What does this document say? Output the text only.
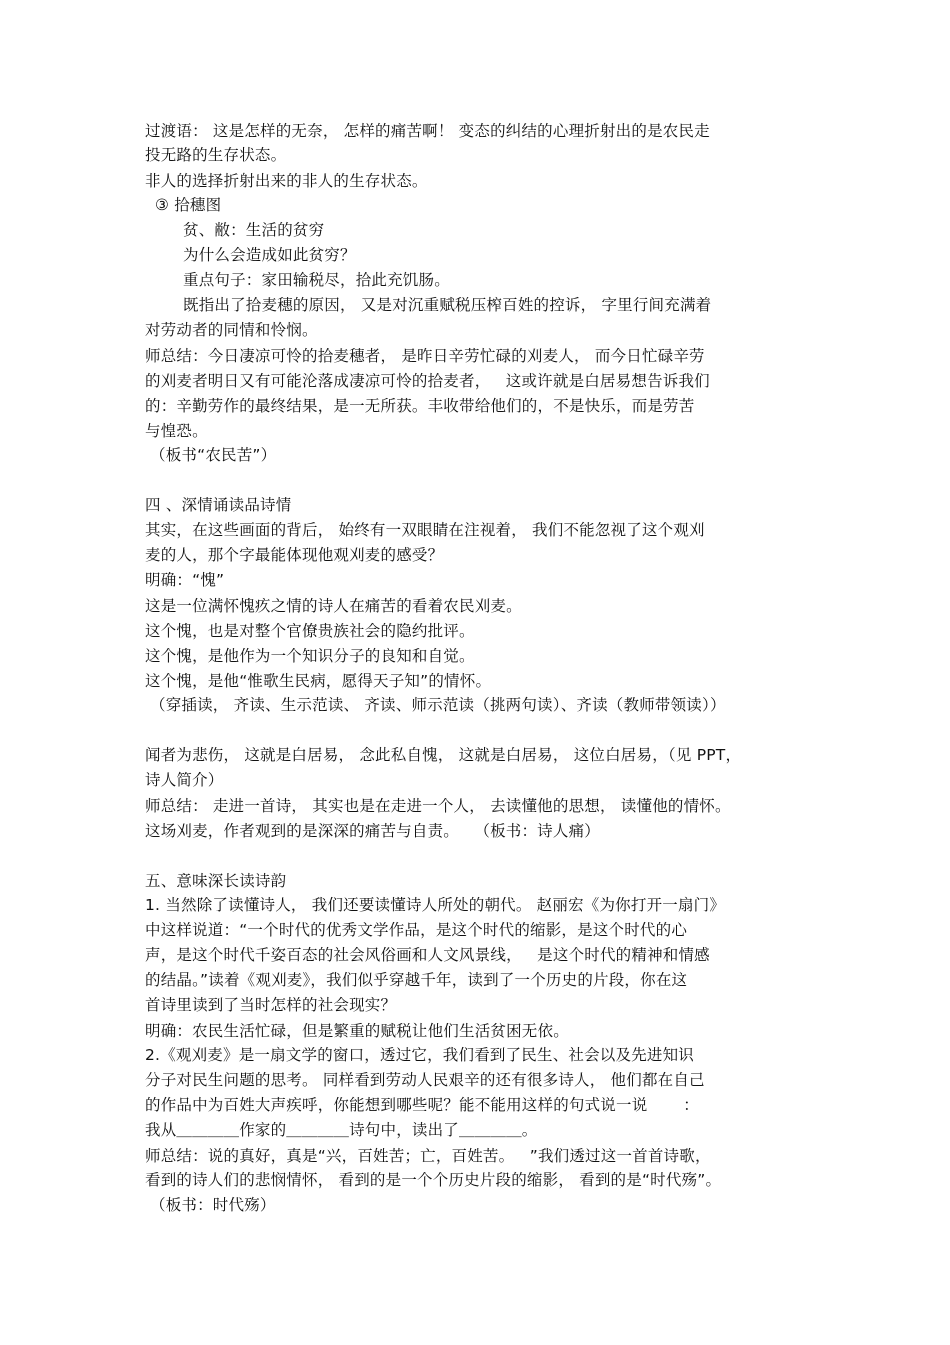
过渡语： 这是怎样的无奈， 怎样的痛苦啊！ 变态的纠结的心理折射出的是农民走
投无路的生存状态。
非人的选择折射出来的非人的生存状态。
③ 拾穗图
贫、敝：生活的贫穷
为什么会造成如此贫穷？
重点句子：家田输税尽，拾此充饥肠。
既指出了拾麦穗的原因， 又是对沉重赋税压榨百姓的控诉， 字里行间充满着
对劳动者的同情和怜悯。
师总结：今日凄凉可怜的拾麦穗者， 是昨日辛劳忙碌的刈麦人， 而今日忙碌辛劳
的刈麦者明日又有可能沦落成凄凉可怜的拾麦者，   这或许就是白居易想告诉我们
的：辛勤劳作的最终结果，是一无所获。丰收带给他们的，不是快乐，而是劳苦
与惶恐。
（板书“农民苦”）
四 、深情诵读品诗情
其实，在这些画面的背后， 始终有一双眼睛在注视着， 我们不能忽视了这个观刈
麦的人，那个字最能体现他观刈麦的感受？
明确：“愧”
这是一位满怀愧疚之情的诗人在痛苦的看着农民刈麦。
这个愧，也是对整个官僚贵族社会的隐约批评。
这个愧，是他作为一个知识分子的良知和自觉。
这个愧，是他“惟歌生民病，愿得天子知”的情怀。
（穿插读， 齐读、生示范读、 齐读、师示范读（挑两句读）、齐读（教师带领读））
闻者为悲伤， 这就是白居易， 念此私自愧， 这就是白居易， 这位白居易，（见 PPT，
诗人简介）
师总结： 走进一首诗， 其实也是在走进一个人， 去读懂他的思想， 读懂他的情怀。
这场刈麦，作者观到的是深深的痛苦与自责。   （板书：诗人痛）
五、意味深长读诗韵
1. 当然除了读懂诗人， 我们还要读懂诗人所处的朝代。 赵丽宏《为你打开一扇门》
中这样说道：“一个时代的优秀文学作品，是这个时代的缩影，是这个时代的心
声，是这个时代千姿百态的社会风俗画和人文风景线，   是这个时代的精神和情感
的结晶。”读着《观刈麦》，我们似乎穿越千年，读到了一个历史的片段，你在这
首诗里读到了当时怎样的社会现实？
明确：农民生活忙碌，但是繁重的赋税让他们生活贫困无依。
2.《观刈麦》是一扇文学的窗口，透过它，我们看到了民生、社会以及先进知识
分子对民生问题的思考。 同样看到劳动人民艰辛的还有很多诗人， 他们都在自己
的作品中为百姓大声疾呼，你能想到哪些呢？能不能用这样的句式说一说       ：
我从＿＿＿＿作家的＿＿＿＿诗句中，读出了＿＿＿＿。
师总结：说的真好，真是“兴，百姓苦；亡，百姓苦。   ”我们透过这一首首诗歌，
看到的诗人们的悲悯情怀， 看到的是一个个历史片段的缩影， 看到的是“时代殇”。
（板书：时代殇）
